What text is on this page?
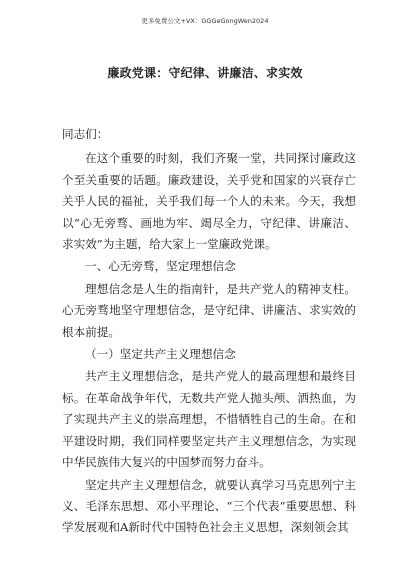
更多免费公文+VX：GGGeGongWen2024
廉政党课：守纪律、讲廉洁、求实效

同志们：

在这个重要的时刻，我们齐聚一堂，共同探讨廉政这个至关重要的话题。廉政建设，关乎党和国家的兴衰存亡关乎人民的福祉，关乎我们每一个人的未来。今天，我想以“心无旁骛、画地为牢、竭尽全力，守纪律、讲廉洁、求实效”为主题，给大家上一堂廉政党课。

一、心无旁骛，坚定理想信念

理想信念是人生的指南针，是共产党人的精神支柱。心无旁骛地坚守理想信念，是守纪律、讲廉洁、求实效的根本前提。

（一）坚定共产主义理想信念

共产主义理想信念，是共产党人的最高理想和最终目标。在革命战争年代，无数共产党人抛头颅、洒热血，为了实现共产主义的崇高理想，不惜牺牲自己的生命。在和平建设时期，我们同样要坚定共产主义理想信念，为实现中华民族伟大复兴的中国梦而努力奋斗。

坚定共产主义理想信念，就要认真学习马克思列宁主义、毛泽东思想、邓小平理论、“三个代表”重要思想、科学发展观和A新时代中国特色社会主义思想，深刻领会其
